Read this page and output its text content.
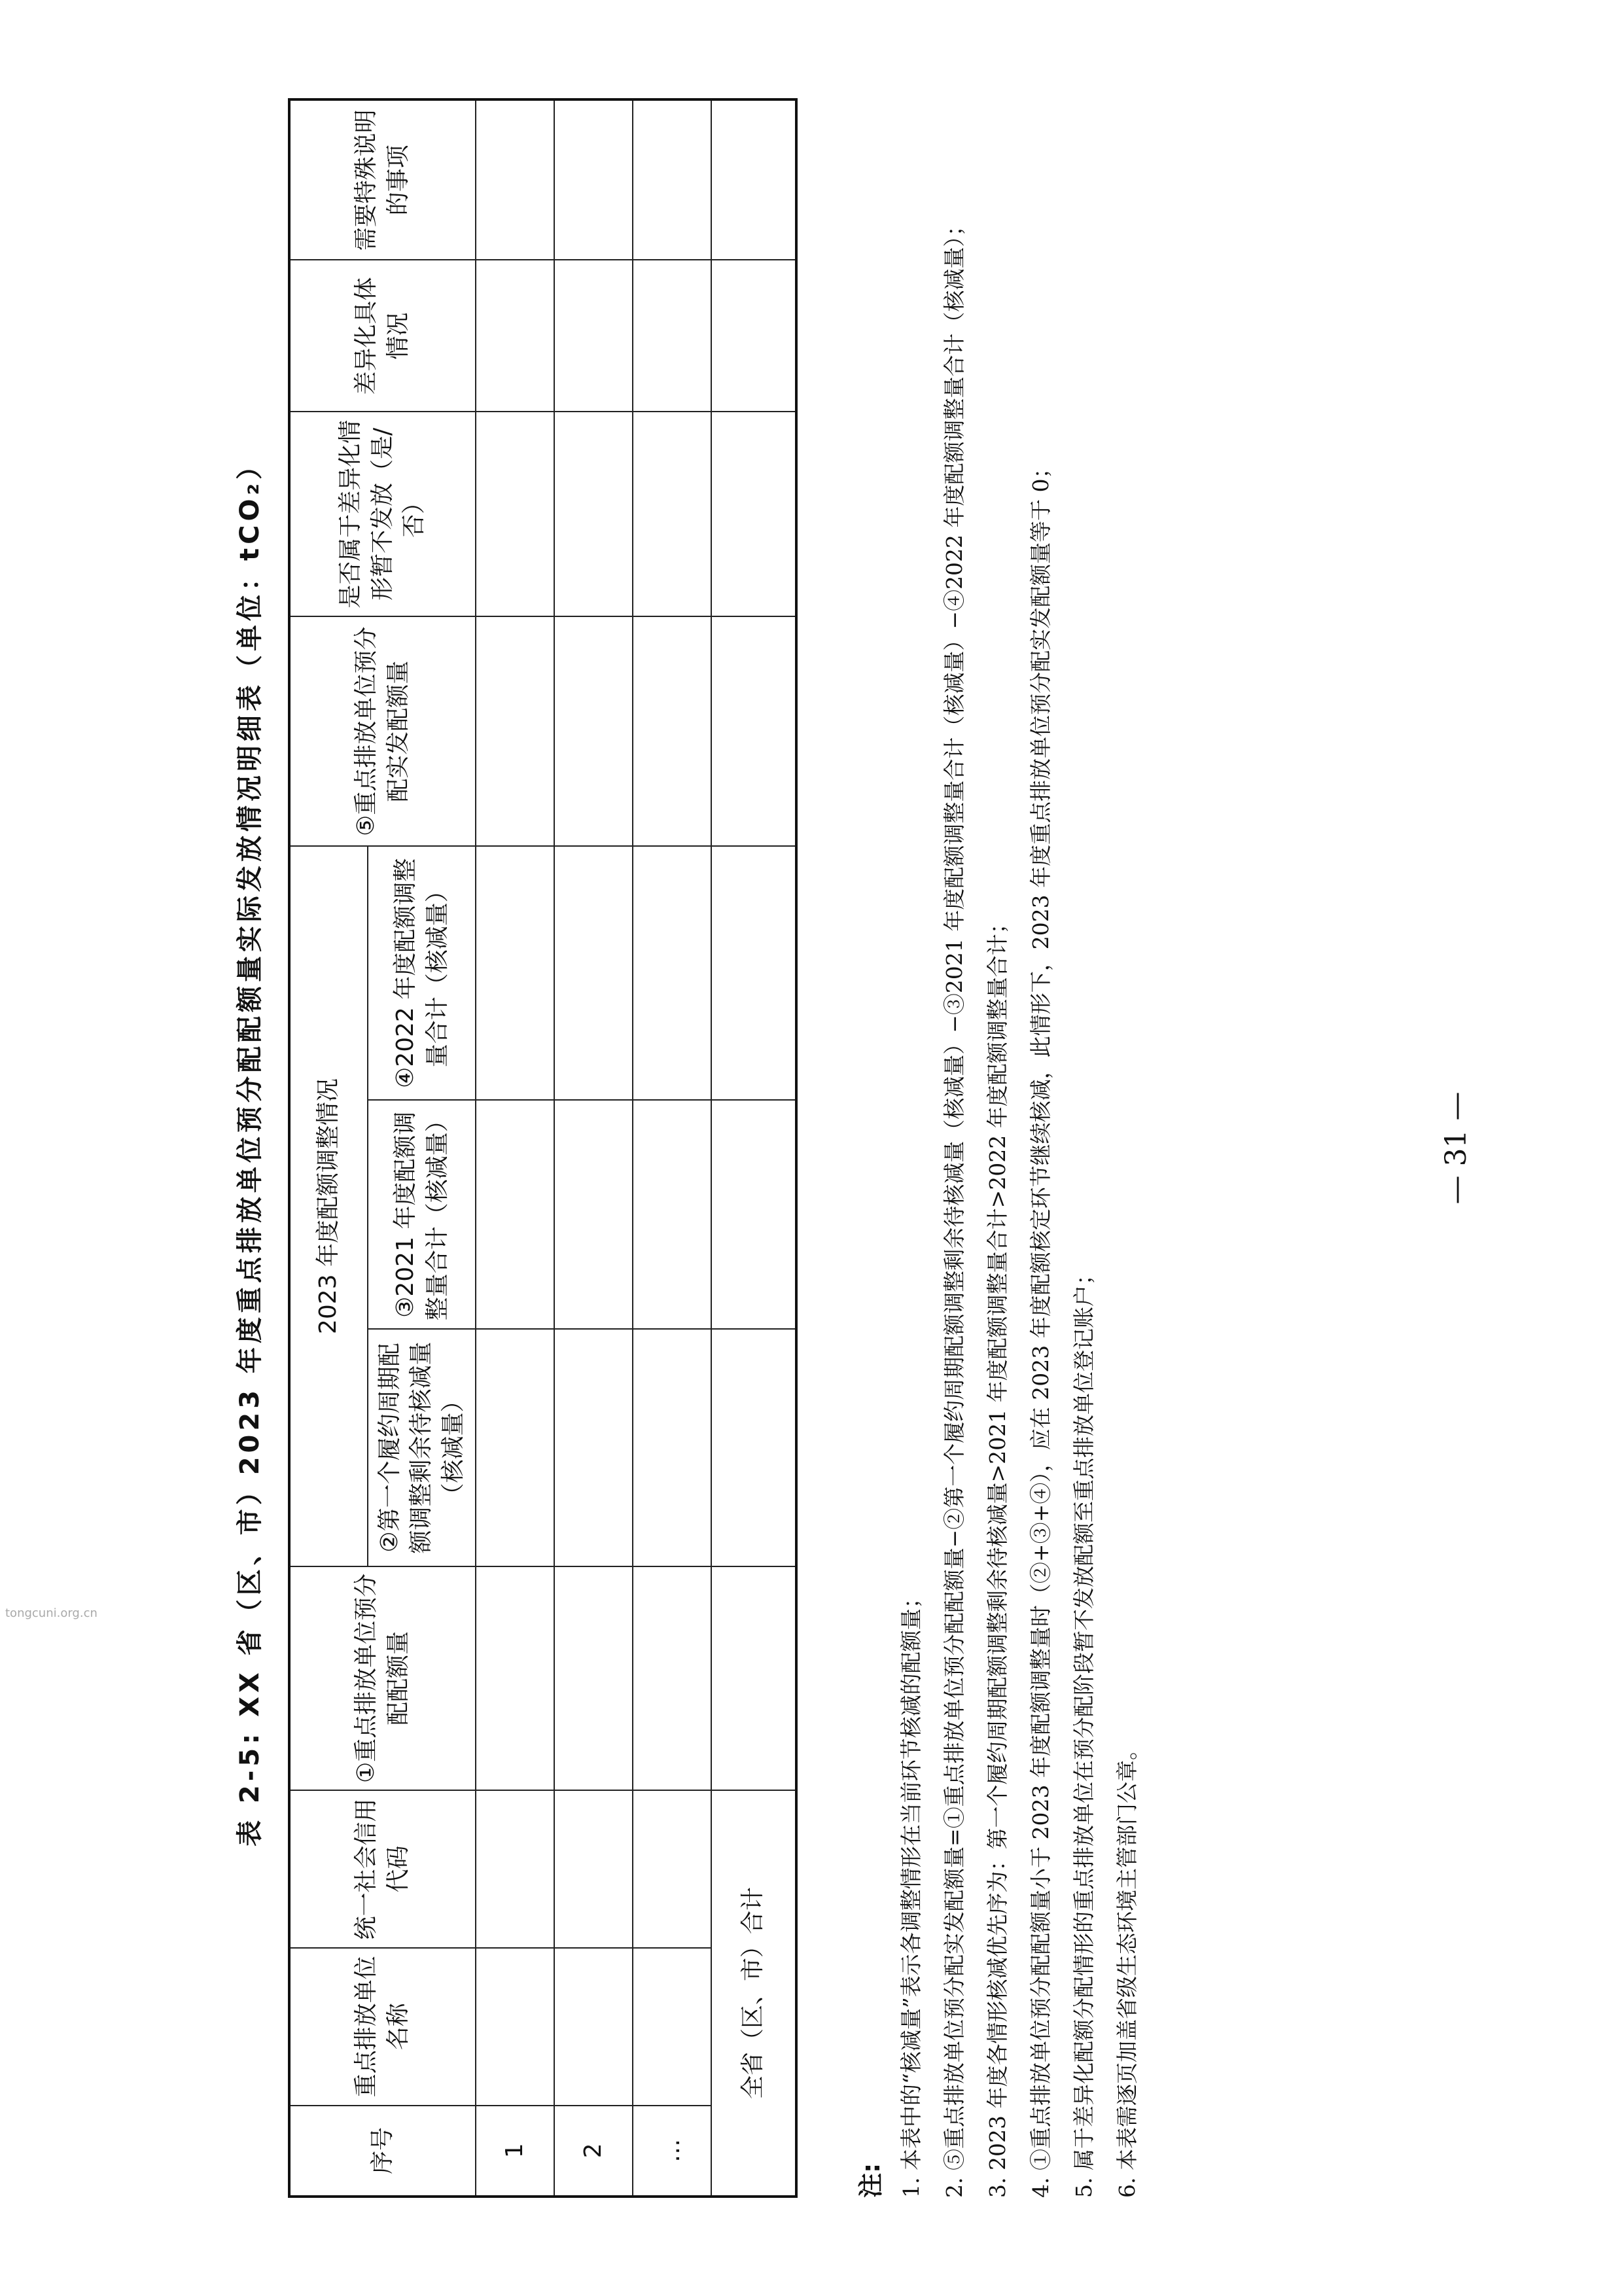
表 2-5: XX 省（区、市）2023 年度重点排放单位预分配配额量实际发放情况明细表（单位：tCO₂）
序号	重点排放单位名称	统一社会信用代码	①重点排放单位预分配配额量	2023 年度配额调整情况			⑤重点排放单位预分配实发配额量	是否属于差异化情形暂不发放（是/否）	差异化具体情况	需要特殊说明的事项
				②第一个履约周期配额调整剩余待核减量（核减量）	③2021 年度配额调整量合计（核减量）	④2022 年度配额调整量合计（核减量）				
1										
2										
…										
全省（区、市）合计										
注: 1. 本表中的“核减量”表示各调整情形在当前环节核减的配额量； 2. ⑤重点排放单位预分配实发配额量=①重点排放单位预分配配额量−②第一个履约周期配额调整剩余待核减量（核减量）−③2021 年度配额调整量合计（核减量）−④2022 年度配额调整量合计（核减量）； 3. 2023 年度各情形核减优先序为：第一个履约周期配额调整剩余待核减量>2021 年度配额调整量合计>2022 年度配额调整量合计； 4. ①重点排放单位预分配配额量小于 2023 年度配额调整量时（②+③+④），应在 2023 年度配额核定环节继续核减，此情形下，2023 年度重点排放单位预分配实发配额量等于 0； 5. 属于差异化配额分配情形的重点排放单位在预分配阶段暂不发放配额至重点排放单位登记账户； 6. 本表需逐页加盖省级生态环境主管部门公章。
— 31 —
tongcuni.org.cn
